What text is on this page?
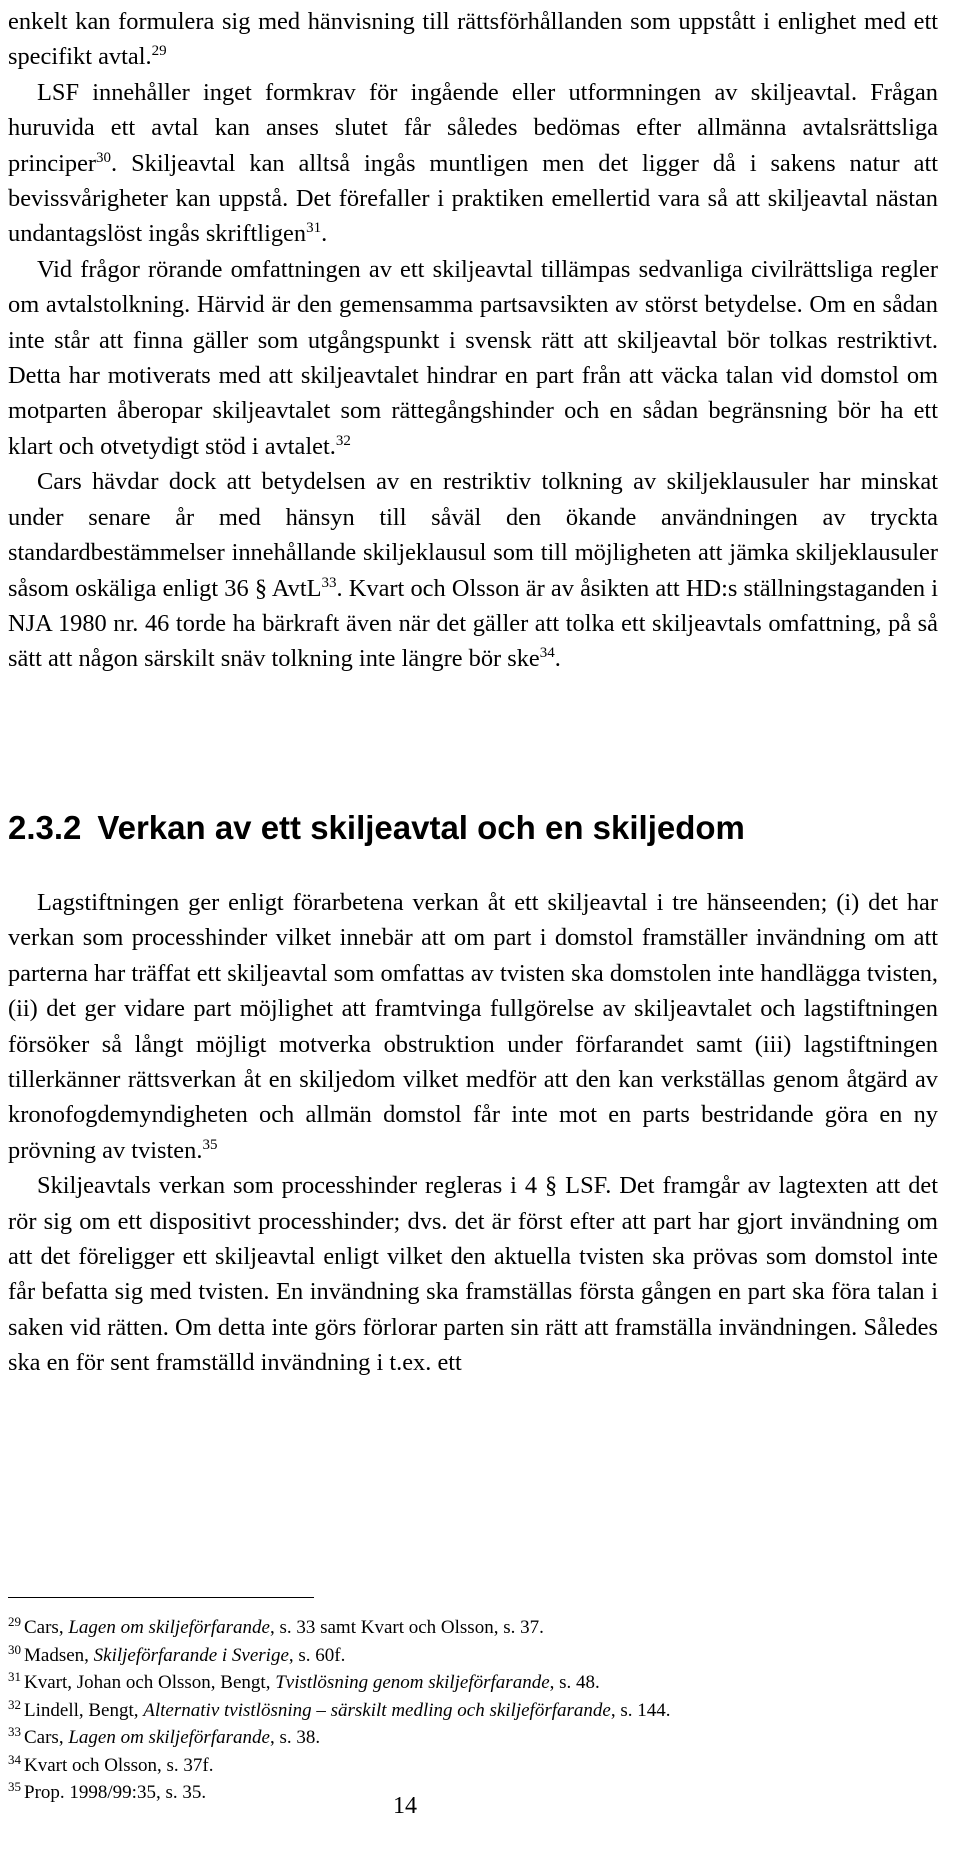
enkelt kan formulera sig med hänvisning till rättsförhållanden som uppstått i enlighet med ett specifikt avtal.$^{29}$

LSF innehåller inget formkrav för ingående eller utformningen av skiljeavtal. Frågan huruvida ett avtal kan anses slutet får således bedömas efter allmänna avtalsrättsliga principer$^{30}$. Skiljeavtal kan alltså ingås muntligen men det ligger då i sakens natur att bevissvårigheter kan uppstå. Det förefaller i praktiken emellertid vara så att skiljeavtal nästan undantagslöst ingås skriftligen$^{31}$.

Vid frågor rörande omfattningen av ett skiljeavtal tillämpas sedvanliga civilrättsliga regler om avtalstolkning. Härvid är den gemensamma partsavsikten av störst betydelse. Om en sådan inte står att finna gäller som utgångspunkt i svensk rätt att skiljeavtal bör tolkas restriktivt. Detta har motiverats med att skiljeavtalet hindrar en part från att väcka talan vid domstol om motparten åberopar skiljeavtalet som rättegångshinder och en sådan begränsning bör ha ett klart och otvetydigt stöd i avtalet.$^{32}$

Cars hävdar dock att betydelsen av en restriktiv tolkning av skiljeklausuler har minskat under senare år med hänsyn till såväl den ökande användningen av tryckta standardbestämmelser innehållande skiljeklausul som till möjligheten att jämka skiljeklausuler såsom oskäliga enligt 36 § AvtL$^{33}$. Kvart och Olsson är av åsikten att HD:s ställningstaganden i NJA 1980 nr. 46 torde ha bärkraft även när det gäller att tolka ett skiljeavtals omfattning, på så sätt att någon särskilt snäv tolkning inte längre bör ske$^{34}$.

2.3.2 Verkan av ett skiljeavtal och en skiljedom

Lagstiftningen ger enligt förarbetena verkan åt ett skiljeavtal i tre hänseenden; (i) det har verkan som processhinder vilket innebär att om part i domstol framställer invändning om att parterna har träffat ett skiljeavtal som omfattas av tvisten ska domstolen inte handlägga tvisten, (ii) det ger vidare part möjlighet att framtvinga fullgörelse av skiljeavtalet och lagstiftningen försöker så långt möjligt motverka obstruktion under förfarandet samt (iii) lagstiftningen tillerkänner rättsverkan åt en skiljedom vilket medför att den kan verkställas genom åtgärd av kronofogdemyndigheten och allmän domstol får inte mot en parts bestridande göra en ny prövning av tvisten.$^{35}$

Skiljeavtals verkan som processhinder regleras i 4 § LSF. Det framgår av lagtexten att det rör sig om ett dispositivt processhinder; dvs. det är först efter att part har gjort invändning om att det föreligger ett skiljeavtal enligt vilket den aktuella tvisten ska prövas som domstol inte får befatta sig med tvisten. En invändning ska framställas första gången en part ska föra talan i saken vid rätten. Om detta inte görs förlorar parten sin rätt att framställa invändningen. Således ska en för sent framställd invändning i t.ex. ett

$^{29}$ Cars, Lagen om skiljeförfarande, s. 33 samt Kvart och Olsson, s. 37.

$^{30}$ Madsen, Skiljeförfarande i Sverige, s. 60f.

$^{31}$ Kvart, Johan och Olsson, Bengt, Tvistlösning genom skiljeförfarande, s. 48.

$^{32}$ Lindell, Bengt, Alternativ tvistlösning – särskilt medling och skiljeförfarande, s. 144.

$^{33}$ Cars, Lagen om skiljeförfarande, s. 38.

$^{34}$ Kvart och Olsson, s. 37f.

$^{35}$ Prop. 1998/99:35, s. 35.

14
